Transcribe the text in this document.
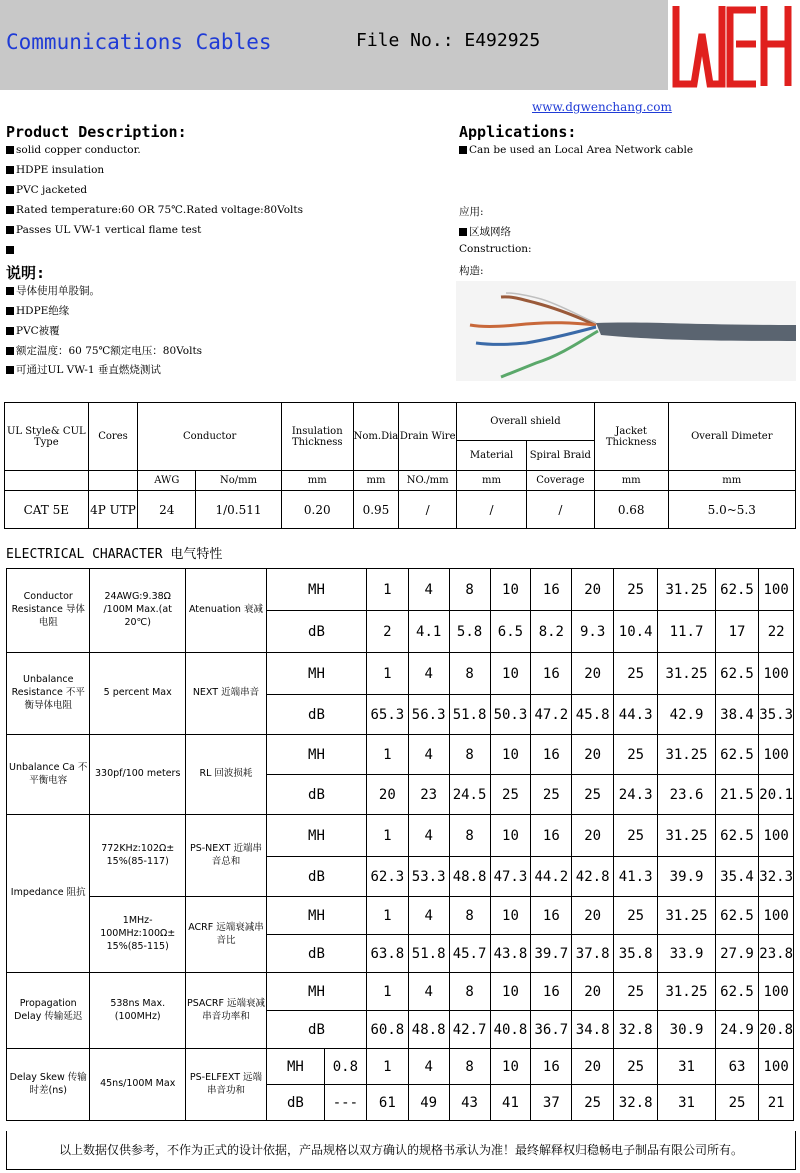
Communications Cables	File No.: E492925
www.dgwenchang.com
Product Description:
solid copper conductor.
HDPE insulation
PVC jacketed
Rated temperature:60 OR 75℃.Rated voltage:80Volts
Passes UL VW-1 vertical flame test
说明:
导体使用单股铜。
HDPE绝缘
PVC被覆
额定温度：60 75℃额定电压：80Volts
可通过UL VW-1 垂直燃烧测试
Applications:
Can be used an Local Area Network cable
应用:
区域网络
Construction:
构造:
UL Style& CUL Type	Cores	Conductor		Insulation Thickness	Nom.Dia	Drain Wire	Overall shield		Jacket Thickness	Overall Dimeter
							Material	Spiral Braid		
		AWG	No/mm	mm	mm	NO./mm	mm	Coverage	mm	mm
CAT 5E	4P UTP	24	1/0.511	0.20	0.95	/	/	/	0.68	5.0~5.3
ELECTRICAL CHARACTER 电气特性
Conductor Resistance 导体电阻	24AWG:9.38Ω /100M Max.(at 20℃)	Atenuation 衰减	MH		1	4	8	10	16	20	25	31.25	62.5	100
			dB		2	4.1	5.8	6.5	8.2	9.3	10.4	11.7	17	22
Unbalance Resistance 不平衡导体电阻	5 percent Max	NEXT 近端串音	MH		1	4	8	10	16	20	25	31.25	62.5	100
			dB		65.3	56.3	51.8	50.3	47.2	45.8	44.3	42.9	38.4	35.3
Unbalance Ca 不平衡电容	330pf/100 meters	RL 回波损耗	MH		1	4	8	10	16	20	25	31.25	62.5	100
			dB		20	23	24.5	25	25	25	24.3	23.6	21.5	20.1
Impedance 阻抗	772KHz:102Ω± 15%(85-117)	PS-NEXT 近端串音总和	MH		1	4	8	10	16	20	25	31.25	62.5	100
			dB		62.3	53.3	48.8	47.3	44.2	42.8	41.3	39.9	35.4	32.3
	1MHz- 100MHz:100Ω± 15%(85-115)	ACRF 远端衰减串音比	MH		1	4	8	10	16	20	25	31.25	62.5	100
			dB		63.8	51.8	45.7	43.8	39.7	37.8	35.8	33.9	27.9	23.8
Propagation Delay 传输延迟	538ns Max.(100MHz)	PSACRF 远端衰减串音功率和	MH		1	4	8	10	16	20	25	31.25	62.5	100
			dB		60.8	48.8	42.7	40.8	36.7	34.8	32.8	30.9	24.9	20.8
Delay Skew 传输时差(ns)	45ns/100M Max	PS-ELFEXT 远端串音功和	MH	0.8	1	4	8	10	16	20	25	31	63	100
			dB	---	61	49	43	41	37	25	32.8	31	25	21
以上数据仅供参考，不作为正式的设计依据，产品规格以双方确认的规格书承认为准！最终解释权归稳畅电子制品有限公司所有。
